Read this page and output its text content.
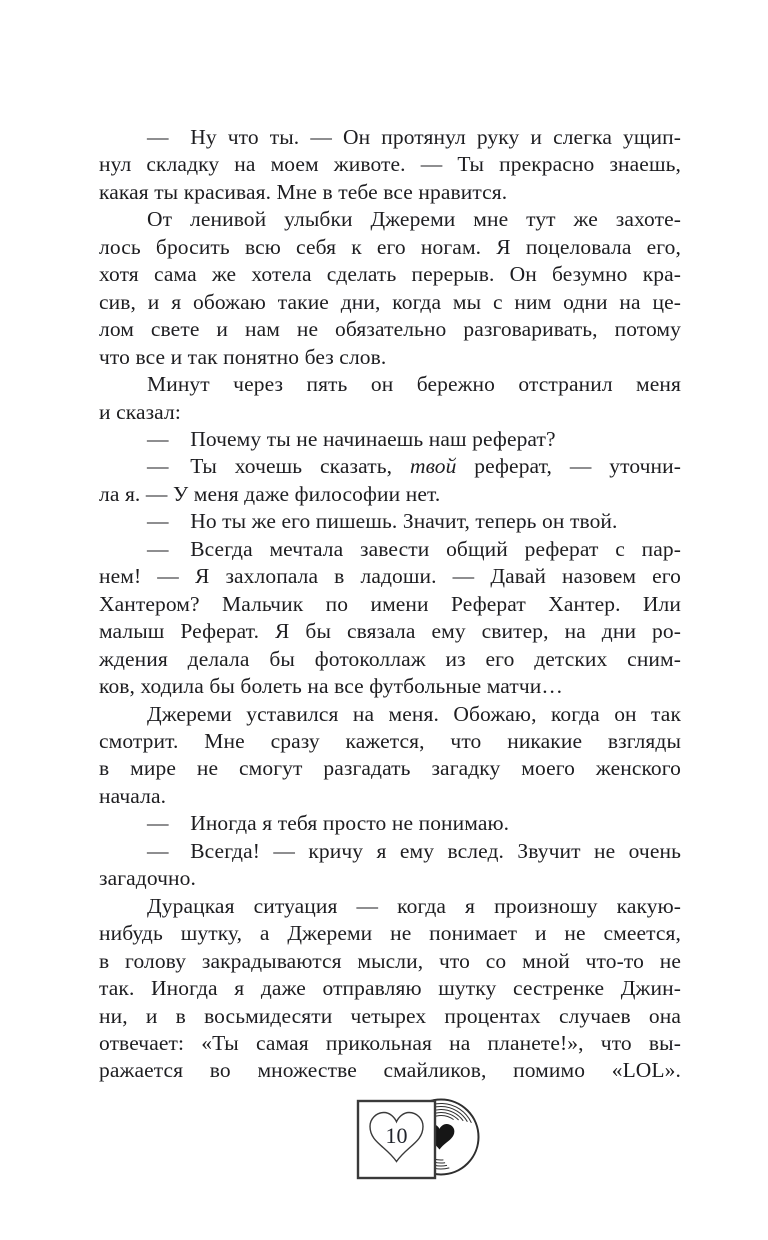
— Ну что ты. — Он протянул руку и слегка ущип-
нул складку на моем животе. — Ты прекрасно знаешь,
какая ты красивая. Мне в тебе все нравится.
От ленивой улыбки Джереми мне тут же захоте-
лось бросить всю себя к его ногам. Я поцеловала его,
хотя сама же хотела сделать перерыв. Он безумно кра-
сив, и я обожаю такие дни, когда мы с ним одни на це-
лом свете и нам не обязательно разговаривать, потому
что все и так понятно без слов.
Минут через пять он бережно отстранил меня
и сказал:
— Почему ты не начинаешь наш реферат?
— Ты хочешь сказать, твой реферат, — уточни-
ла я. — У меня даже философии нет.
— Но ты же его пишешь. Значит, теперь он твой.
— Всегда мечтала завести общий реферат с пар-
нем! — Я захлопала в ладоши. — Давай назовем его
Хантером? Мальчик по имени Реферат Хантер. Или
малыш Реферат. Я бы связала ему свитер, на дни ро-
ждения делала бы фотоколлаж из его детских сним-
ков, ходила бы болеть на все футбольные матчи…
Джереми уставился на меня. Обожаю, когда он так
смотрит. Мне сразу кажется, что никакие взгляды
в мире не смогут разгадать загадку моего женского
начала.
— Иногда я тебя просто не понимаю.
— Всегда! — кричу я ему вслед. Звучит не очень
загадочно.
Дурацкая ситуация — когда я произношу какую-
нибудь шутку, а Джереми не понимает и не смеется,
в голову закрадываются мысли, что со мной что-то не
так. Иногда я даже отправляю шутку сестренке Джин-
ни, и в восьмидесяти четырех процентах случаев она
отвечает: «Ты самая прикольная на планете!», что вы-
ражается во множестве смайликов, помимо «LOL».
10
